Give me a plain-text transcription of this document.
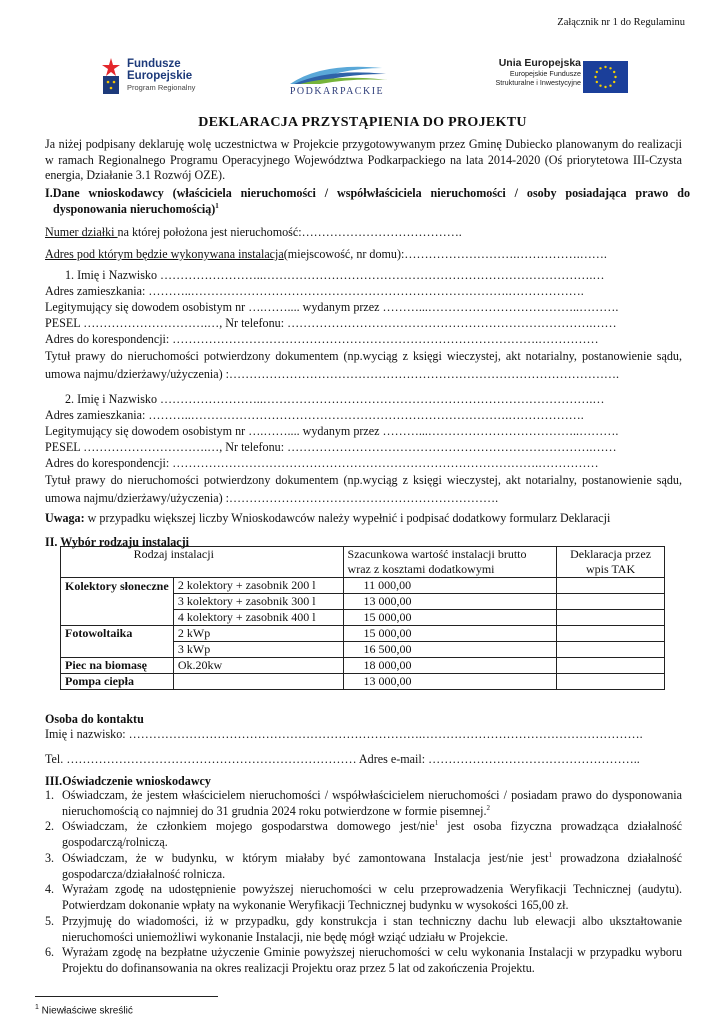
Załącznik nr 1 do Regulaminu
Fundusze
Europejskie
Program Regionalny	PODKARPACKIE
Unia Europejska
Europejskie Fundusze
Strukturalne i Inwestycyjne
DEKLARACJA PRZYSTĄPIENIA DO PROJEKTU
Ja niżej podpisany deklaruję wolę uczestnictwa w Projekcie przygotowywanym przez Gminę Dubiecko planowanym do realizacji w ramach Regionalnego Programu Operacyjnego Województwa Podkarpackiego na lata 2014-2020 (Oś priorytetowa III-Czysta energia, Działanie 3.1 Rozwój OZE).
I.Dane wnioskodawcy (właściciela nieruchomości / współwłaściciela nieruchomości / osoby posiadająca prawo do dysponowania nieruchomością)$^1$
Numer działki na której położona jest nieruchomość:………………………………….
Adres pod którym będzie wykonywana instalacja(miejscowość, nr domu):……………………….…………….…….
1. Imię i Nazwisko ……………………..……………………………………………………………………….…
Adres zamieszkania: ………..…………………………………………………………………….……………….
Legitymujący się dowodem osobistym nr ….…….... wydanym przez ………...………………………………..……….
PESEL ………………………….…, Nr telefonu: ………………………………………………………………….……
Adres do korespondencji: ……………………………………………………………………………….……………
Tytuł prawy do nieruchomości potwierdzony dokumentem (np.wyciąg z księgi wieczystej, akt notarialny, postanowienie sądu, umowa najmu/dzierżawy/użyczenia) :…………………………………………………………………………………….
2. Imię i Nazwisko ……………………..……………………………………………………………………….…
Adres zamieszkania: ………..…………………………………………………………………….……………….
Legitymujący się dowodem osobistym nr ….…….... wydanym przez ………...………………………………..……….
PESEL ………………………….…, Nr telefonu: ………………………………………………………………….……
Adres do korespondencji: ……………………………………………………………………………….……………
Tytuł prawy do nieruchomości potwierdzony dokumentem (np.wyciąg z księgi wieczystej, akt notarialny, postanowienie sądu, umowa najmu/dzierżawy/użyczenia) :………………………………………………………….
Uwaga: w przypadku większej liczby Wnioskodawców należy wypełnić i podpisać dodatkowy formularz Deklaracji
II. Wybór rodzaju instalacji
Rodzaj instalacji		Szacunkowa wartość instalacji brutto wraz z kosztami dodatkowymi	Deklaracja przez wpis TAK
Kolektory słoneczne	2 kolektory + zasobnik 200 l	11 000,00	
	3 kolektory + zasobnik 300 l	13 000,00	
	4 kolektory + zasobnik 400 l	15 000,00	
Fotowoltaika	2 kWp	15 000,00	
	3 kWp	16 500,00	
Piec na biomasę	Ok.20kw	18 000,00	
Pompa ciepła		13 000,00	
Osoba do kontaktu
Imię i nazwisko: ……………………………………………………………….……………………………………………….
Tel. ……………………………………………………………… Adres e-mail: ……………………………………………..
III.Oświadczenie wnioskodawcy
1. Oświadczam, że jestem właścicielem nieruchomości / współwłaścicielem nieruchomości / posiadam prawo do dysponowania nieruchomością co najmniej do 31 grudnia 2024 roku potwierdzone w formie pisemnej.$^2$
2. Oświadczam, że członkiem mojego gospodarstwa domowego jest/nie$^1$ jest osoba fizyczna prowadząca działalność gospodarczą/rolniczą.
3. Oświadczam, że w budynku, w którym miałaby być zamontowana Instalacja jest/nie jest$^1$ prowadzona działalność gospodarcza/działalność rolnicza.
4. Wyrażam zgodę na udostępnienie powyższej nieruchomości w celu przeprowadzenia Weryfikacji Technicznej (audytu). Potwierdzam dokonanie wpłaty na wykonanie Weryfikacji Technicznej budynku w wysokości 165,00 zł.
5. Przyjmuję do wiadomości, iż w przypadku, gdy konstrukcja i stan techniczny dachu lub elewacji albo ukształtowanie nieruchomości uniemożliwi wykonanie Instalacji, nie będę mógł wziąć udziału w Projekcie.
6. Wyrażam zgodę na bezpłatne użyczenie Gminie powyższej nieruchomości w celu wykonania Instalacji w przypadku wyboru Projektu do dofinansowania na okres realizacji Projektu oraz przez 5 lat od zakończenia Projektu.
$^1$ Niewłaściwe skreślić
